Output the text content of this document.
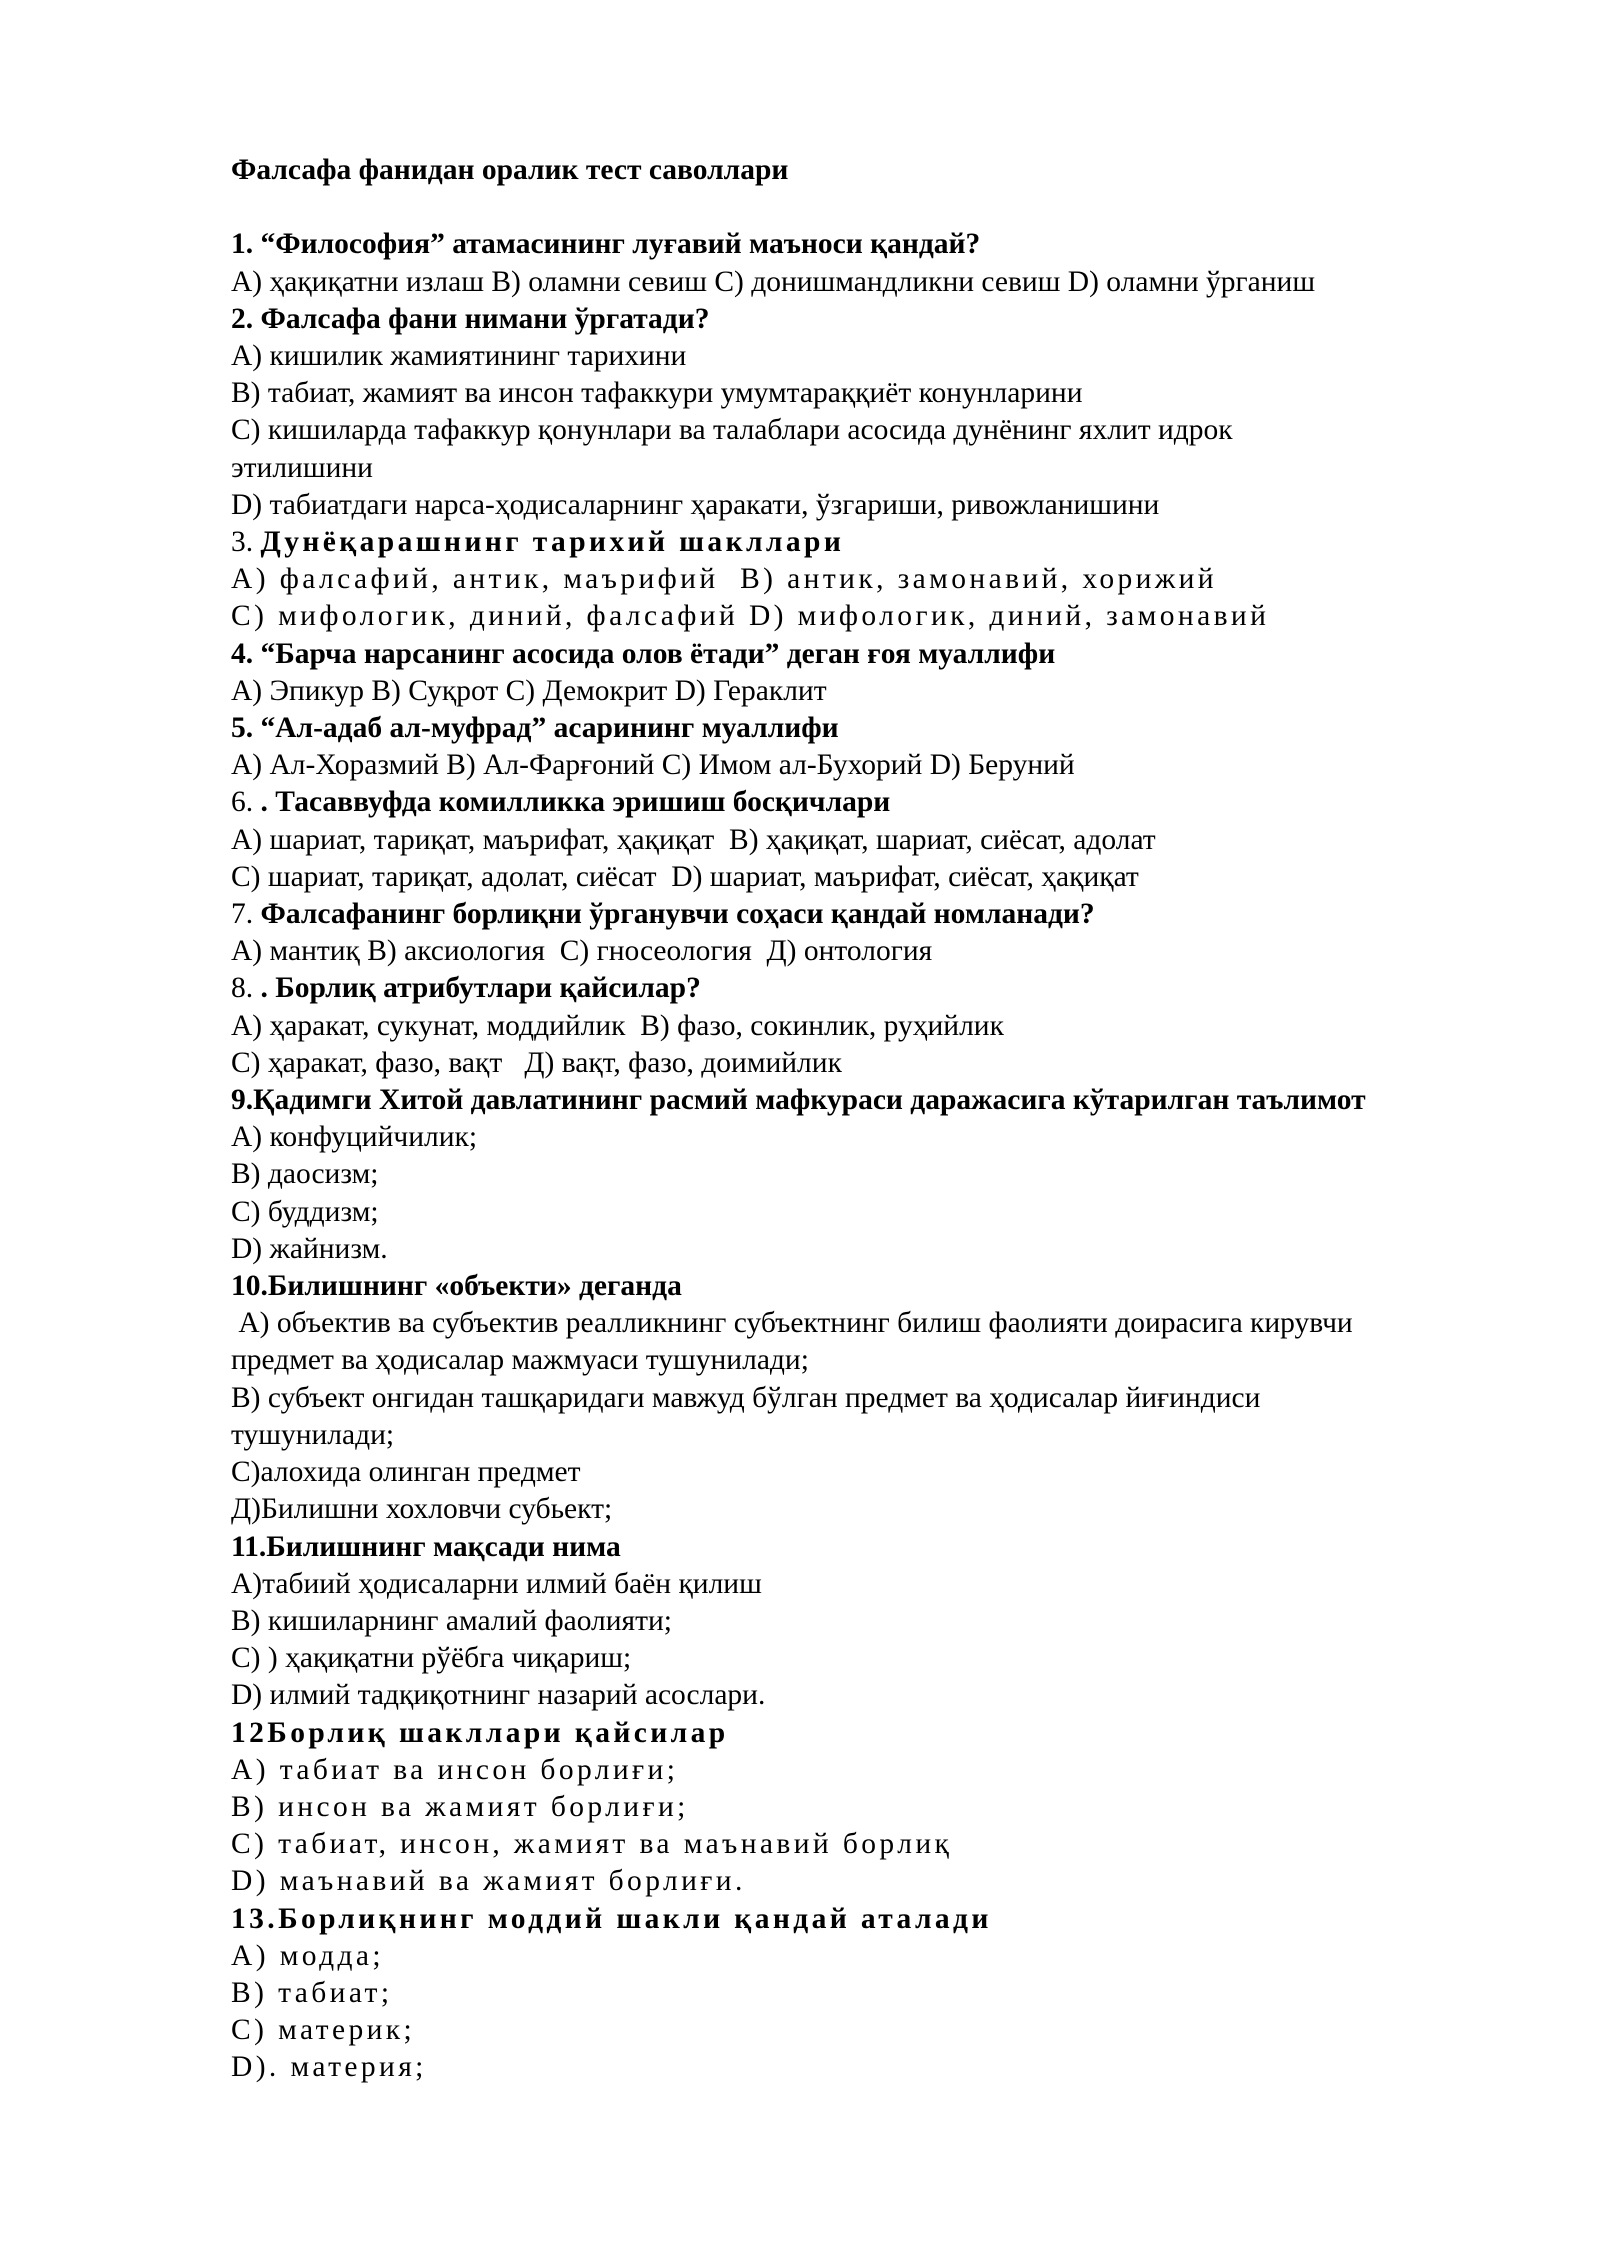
Фалсафа фанидан оралик тест саволлари
1. “Философия” атамасининг луғавий маъноси қандай?
A) ҳақиқатни излаш B) оламни севиш C) донишмандликни севиш D) оламни ўрганиш
2. Фалсафа фани нимани ўргатади?
A) кишилик жамиятининг тарихини
B) табиат, жамият ва инсон тафаккури умумтараққиёт конунларини
C) кишиларда тафаккур қонунлари ва талаблари асосида дунёнинг яхлит идрок
этилишини
D) табиатдаги нарса-ҳодисаларнинг ҳаракати, ўзгариши, ривожланишини
3. Дунёқарашнинг тарихий шакллари
A) фалсафий, антик, маърифий  B) антик, замонавий, хорижий
C) мифологик, диний, фалсафий D) мифологик, диний, замонавий
4. “Барча нарсанинг асосида олов ётади” деган ғоя муаллифи
A) Эпикур B) Суқрот C) Демокрит D) Гераклит
5. “Ал-адаб ал-муфрад” асарининг муаллифи
A) Ал-Хоразмий B) Ал-Фарғоний C) Имом ал-Бухорий D) Беруний
6. . Тасаввуфда комилликка эришиш босқичлари
A) шариат, тариқат, маърифат, ҳақиқат  B) ҳақиқат, шариат, сиёсат, адолат
C) шариат, тариқат, адолат, сиёсат  D) шариат, маърифат, сиёсат, ҳақиқат
7. Фалсафанинг борлиқни ўрганувчи соҳаси қандай номланади?
A) мантиқ B) аксиология  C) гносеология  Д) онтология
8. . Борлиқ атрибутлари қайсилар?
A) ҳаракат, сукунат, моддийлик  B) фазо, сокинлик, руҳийлик
C) ҳаракат, фазо, вақт   Д) вақт, фазо, доимийлик
9.Қадимги Хитой давлатининг расмий мафкураси даражасига кўтарилган таълимот
A) конфуцийчилик;
B) даосизм;
C) буддизм;
D) жайнизм.
10.Билишнинг «объекти» деганда
A) объектив ва субъектив реалликнинг субъектнинг билиш фаолияти доирасига кирувчи
предмет ва ҳодисалар мажмуаси тушунилади;
B) субъект онгидан ташқаридаги мавжуд бўлган предмет ва ҳодисалар йиғиндиси
тушунилади;
C)алохида олинган предмет
Д)Билишни хохловчи субьект;
11.Билишнинг мақсади нима
A)табиий ҳодисаларни илмий баён қилиш
B) кишиларнинг амалий фаолияти;
C) ) ҳақиқатни рўёбга чиқариш;
D) илмий тадқиқотнинг назарий асослари.
12Борлиқ шакллари қайсилар
A) табиат ва инсон борлиғи;
B) инсон ва жамият борлиғи;
C) табиат, инсон, жамият ва маънавий борлиқ
D) маънавий ва жамият борлиғи.
13.Борлиқнинг моддий шакли қандай аталади
A) модда;
B) табиат;
C) материк;
D). материя;
